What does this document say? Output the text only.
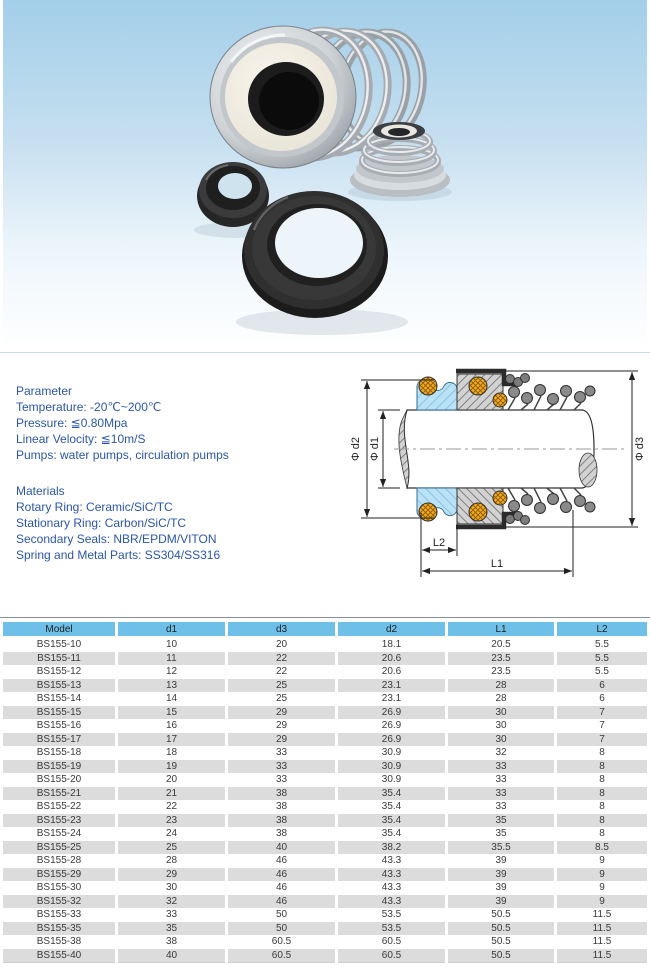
Parameter
Temperature: -20℃~200℃
Pressure: ≦0.80Mpa
Linear Velocity: ≦10m/S
Pumps: water pumps, circulation pumps
Materials
Rotary Ring: Ceramic/SiC/TC
Stationary Ring: Carbon/SiC/TC
Secondary Seals: NBR/EPDM/VITON
Spring and Metal Parts: SS304/SS316
Φ d2 Φ d1	Φ d3
L2
L1
Model	d1	d3	d2	L1	L2
BS155-10	10	20	18.1	20.5	5.5
BS155-11	11	22	20.6	23.5	5.5
BS155-12	12	22	20.6	23.5	5.5
BS155-13	13	25	23.1	28	6
BS155-14	14	25	23.1	28	6
BS155-15	15	29	26.9	30	7
BS155-16	16	29	26.9	30	7
BS155-17	17	29	26.9	30	7
BS155-18	18	33	30.9	32	8
BS155-19	19	33	30.9	33	8
BS155-20	20	33	30.9	33	8
BS155-21	21	38	35.4	33	8
BS155-22	22	38	35.4	33	8
BS155-23	23	38	35.4	35	8
BS155-24	24	38	35.4	35	8
BS155-25	25	40	38.2	35.5	8.5
BS155-28	28	46	43.3	39	9
BS155-29	29	46	43.3	39	9
BS155-30	30	46	43.3	39	9
BS155-32	32	46	43.3	39	9
BS155-33	33	50	53.5	50.5	11.5
BS155-35	35	50	53.5	50.5	11.5
BS155-38	38	60.5	60.5	50.5	11.5
BS155-40	40	60.5	60.5	50.5	11.5
